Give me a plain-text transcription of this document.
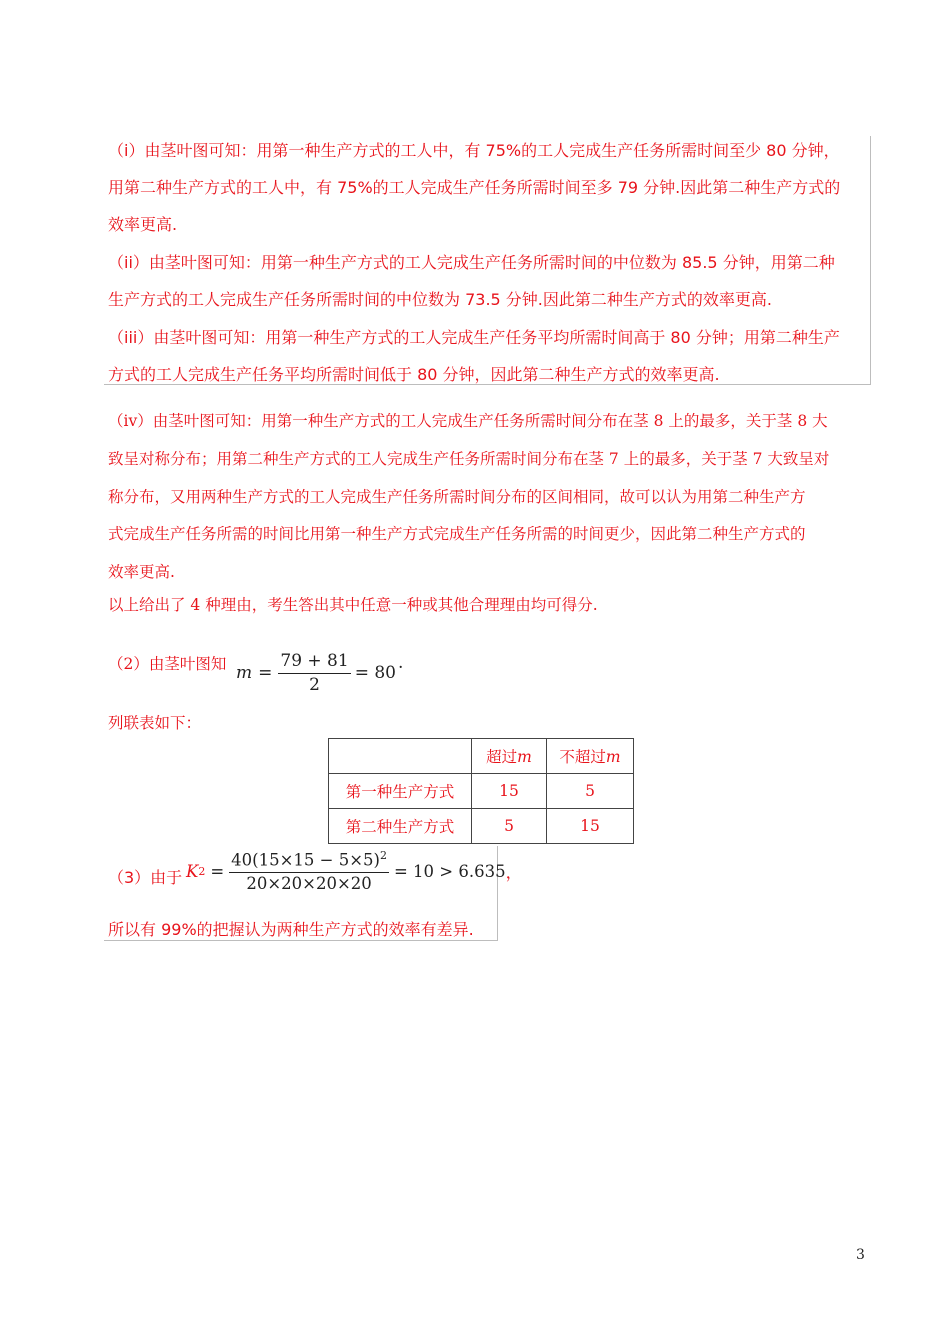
（i）由茎叶图可知：用第一种生产方式的工人中，有 75%的工人完成生产任务所需时间至少 80 分钟，
用第二种生产方式的工人中，有 75%的工人完成生产任务所需时间至多 79 分钟.因此第二种生产方式的
效率更高.
（ii）由茎叶图可知：用第一种生产方式的工人完成生产任务所需时间的中位数为 85.5 分钟，用第二种
生产方式的工人完成生产任务所需时间的中位数为 73.5 分钟.因此第二种生产方式的效率更高.
（iii）由茎叶图可知：用第一种生产方式的工人完成生产任务平均所需时间高于 80 分钟；用第二种生产
方式的工人完成生产任务平均所需时间低于 80 分钟，因此第二种生产方式的效率更高.
（iv）由茎叶图可知：用第一种生产方式的工人完成生产任务所需时间分布在茎 8 上的最多，关于茎 8 大
致呈对称分布；用第二种生产方式的工人完成生产任务所需时间分布在茎 7 上的最多，关于茎 7 大致呈对
称分布，又用两种生产方式的工人完成生产任务所需时间分布的区间相同，故可以认为用第二种生产方
式完成生产任务所需的时间比用第一种生产方式完成生产任务所需的时间更少，因此第二种生产方式的
效率更高.
以上给出了 4 种理由，考生答出其中任意一种或其他合理理由均可得分.
（2）由茎叶图知 $m = \frac{79 + 81}{2} = 80$ .
列联表如下：
	超过m	不超过m
第一种生产方式	15	5
第二种生产方式	5	15
（3）由于 K $2 = \frac{40(15\times 15 - 5\times 5)^2}{20\times 20\times 20\times 20} = 10 > 6.635$ ，
所以有 99%的把握认为两种生产方式的效率有差异.
3
